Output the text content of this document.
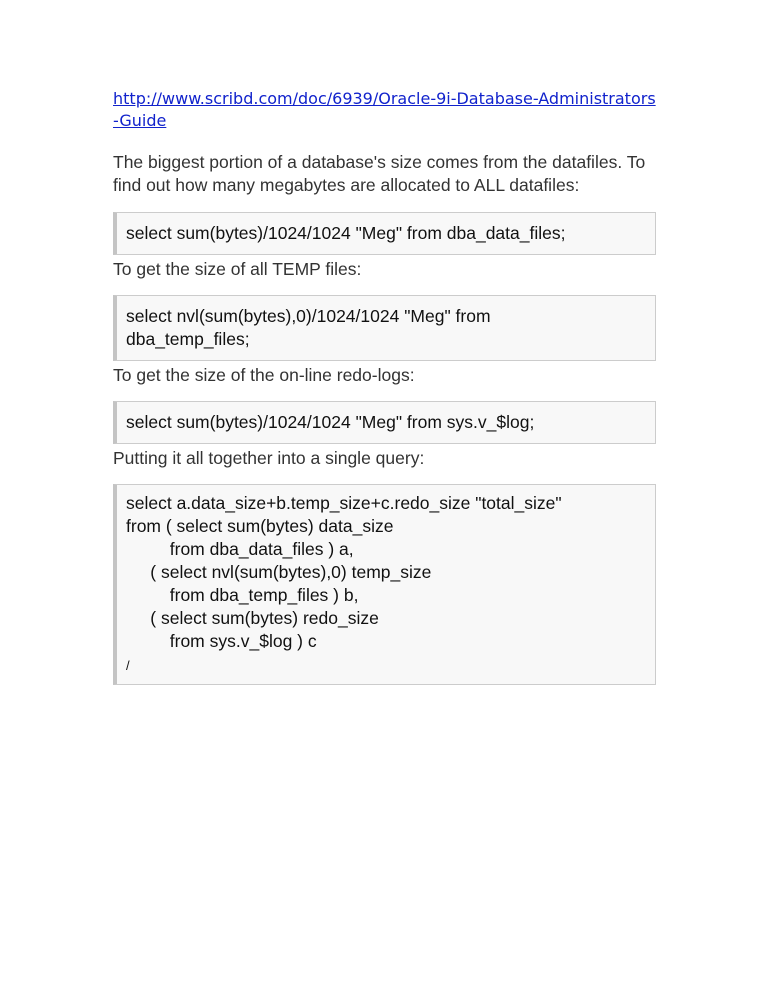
http://www.scribd.com/doc/6939/Oracle-9i-Database-Administrators-Guide

The biggest portion of a database's size comes from the datafiles. To find out how many megabytes are allocated to ALL datafiles:

select sum(bytes)/1024/1024 "Meg" from dba_data_files;

To get the size of all TEMP files:

select nvl(sum(bytes),0)/1024/1024 "Meg" from
dba_temp_files;

To get the size of the on-line redo-logs:

select sum(bytes)/1024/1024 "Meg" from sys.v_$log;

Putting it all together into a single query:

select a.data_size+b.temp_size+c.redo_size "total_size"
from ( select sum(bytes) data_size
from dba_data_files ) a,
( select nvl(sum(bytes),0) temp_size
from dba_temp_files ) b,
( select sum(bytes) redo_size
from sys.v_$log ) c
/
